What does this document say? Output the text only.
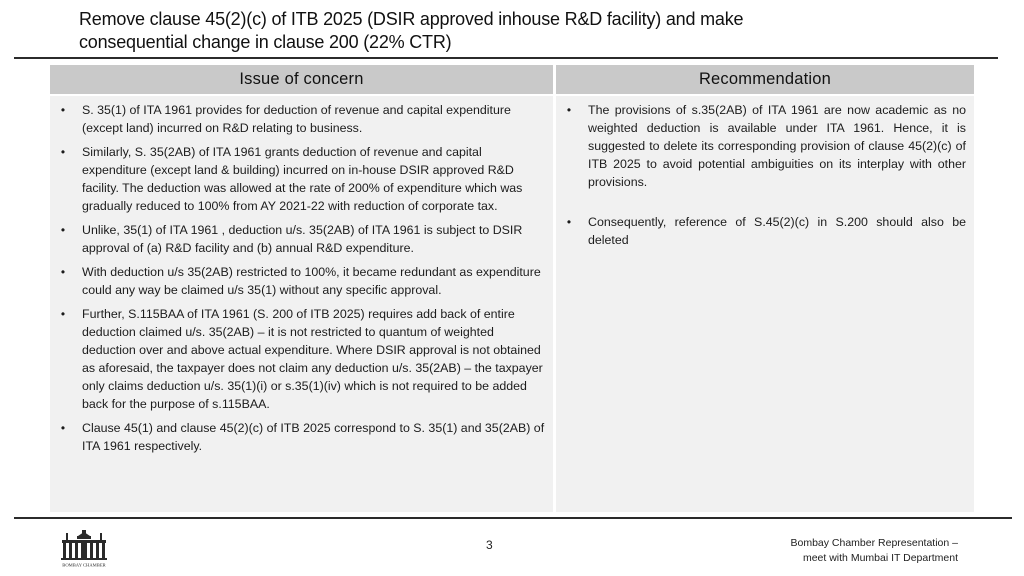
Remove clause 45(2)(c) of ITB 2025 (DSIR approved inhouse R&D facility) and make
consequential change in clause 200 (22% CTR)
Issue of concern
• S. 35(1) of ITA 1961 provides for deduction of revenue and capital expenditure (except land) incurred on R&D relating to business.
• Similarly, S. 35(2AB) of ITA 1961 grants deduction of revenue and capital expenditure (except land & building) incurred on in-house DSIR approved R&D facility. The deduction was allowed at the rate of 200% of expenditure which was gradually reduced to 100% from AY 2021-22 with reduction of corporate tax.
• Unlike, 35(1) of ITA 1961 , deduction u/s. 35(2AB) of ITA 1961 is subject to DSIR approval of (a) R&D facility and (b) annual R&D expenditure.
• With deduction u/s 35(2AB) restricted to 100%, it became redundant as expenditure could any way be claimed u/s 35(1) without any specific approval.
• Further, S.115BAA of ITA 1961 (S. 200 of ITB 2025) requires add back of entire deduction claimed u/s. 35(2AB) – it is not restricted to quantum of weighted deduction over and above actual expenditure. Where DSIR approval is not obtained as aforesaid, the taxpayer does not claim any deduction u/s. 35(2AB) – the taxpayer only claims deduction u/s. 35(1)(i) or s.35(1)(iv) which is not required to be added back for the purpose of s.115BAA.
• Clause 45(1) and clause 45(2)(c) of ITB 2025 correspond to S. 35(1) and 35(2AB) of ITA 1961 respectively.
Recommendation
• The provisions of s.35(2AB) of ITA 1961 are now academic as no weighted deduction is available under ITA 1961. Hence, it is suggested to delete its corresponding provision of clause 45(2)(c) of ITB 2025 to avoid potential ambiguities on its interplay with other provisions.
• Consequently, reference of S.45(2)(c) in S.200 should also be deleted
BOMBAY CHAMBER
3	Bombay Chamber Representation –
meet with Mumbai IT Department
